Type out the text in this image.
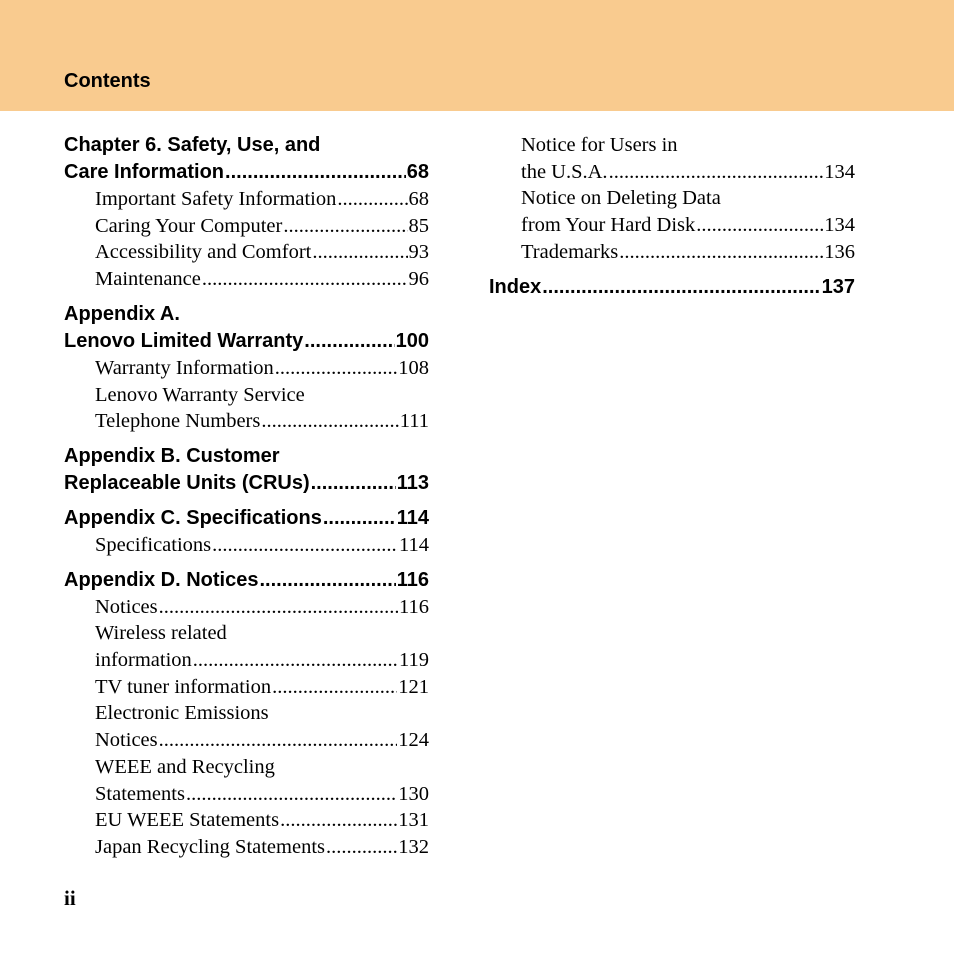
Contents
Chapter 6. Safety, Use, and
Care Information .....	68
Important Safety Information .....	68
Caring Your Computer .....	85
Accessibility and Comfort .....	93
Maintenance .....	96
Appendix A.
Lenovo Limited Warranty .....	100
Warranty Information .....	108
Lenovo Warranty Service
Telephone Numbers .....	111
Appendix B. Customer
Replaceable Units (CRUs) .....	113
Appendix C. Specifications .....	114
Specifications .....	114
Appendix D. Notices .....	116
Notices .....	116
Wireless related
information .....	119
TV tuner information .....	121
Electronic Emissions
Notices .....	124
WEEE and Recycling
Statements .....	130
EU WEEE Statements .....	131
Japan Recycling Statements .....	132
Notice for Users in
the U.S.A. .....	134
Notice on Deleting Data
from Your Hard Disk .....	134
Trademarks .....	136
Index .....	137
ii
